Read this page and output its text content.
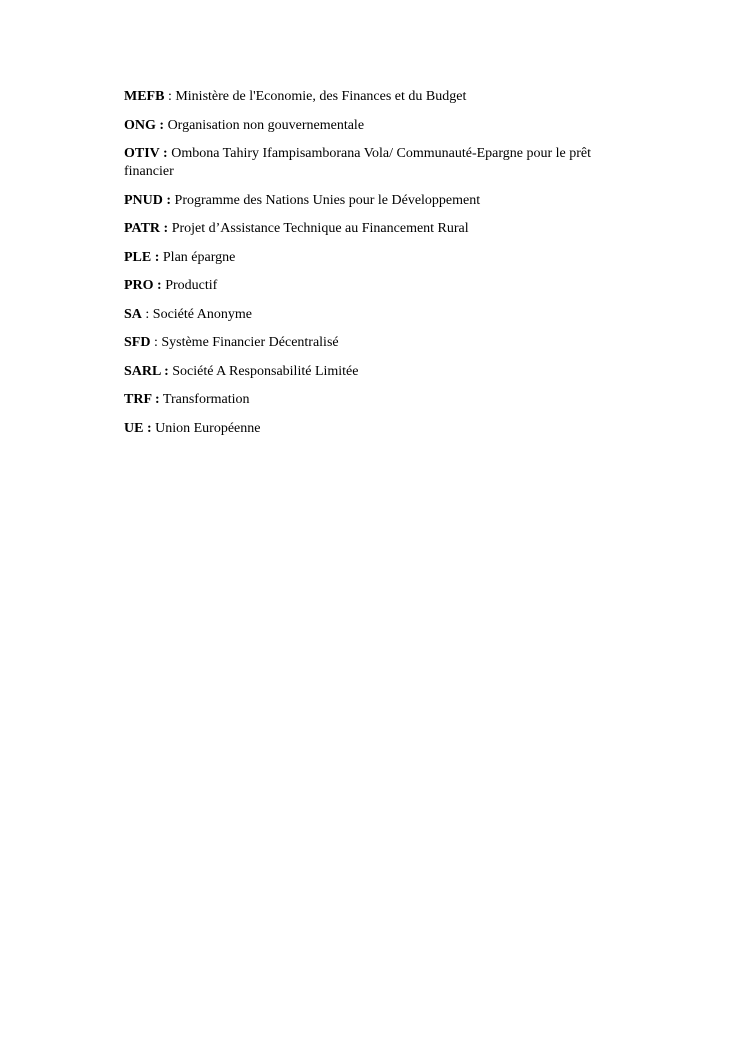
MEFB : Ministère de l'Economie, des Finances et du Budget

ONG : Organisation non gouvernementale

OTIV : Ombona Tahiry Ifampisamborana Vola/ Communauté-Epargne pour le prêt financier

PNUD : Programme des Nations Unies pour le Développement

PATR : Projet d’Assistance Technique au Financement Rural

PLE : Plan épargne

PRO : Productif

SA : Société Anonyme

SFD : Système Financier Décentralisé

SARL : Société A Responsabilité Limitée

TRF : Transformation

UE : Union Européenne
